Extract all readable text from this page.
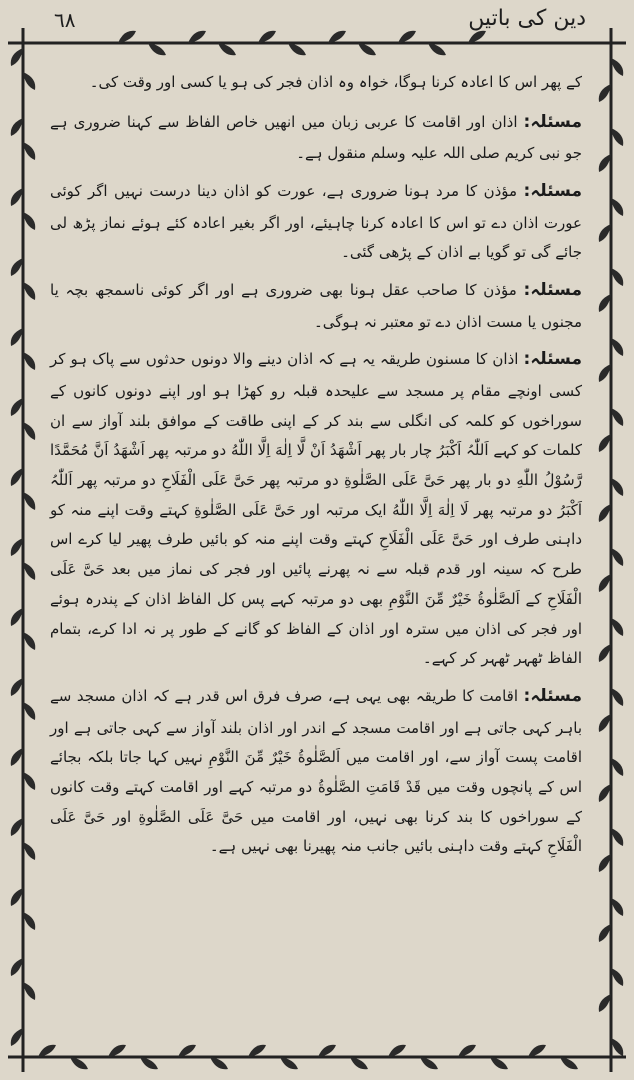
٦٨	دین کی باتیں

کے پھر اس کا اعادہ کرنا ہوگا، خواہ وہ اذان فجر کی ہو یا کسی اور وقت کی۔

مسئلہ: اذان اور اقامت کا عربی زبان میں انھیں خاص الفاظ سے کہنا ضروری ہے جو نبی کریم صلی اللہ علیہ وسلم منقول ہے۔

مسئلہ: مؤذن کا مرد ہونا ضروری ہے، عورت کو اذان دینا درست نہیں اگر کوئی عورت اذان دے تو اس کا اعادہ کرنا چاہیئے، اور اگر بغیر اعادہ کئے ہوئے نماز پڑھ لی جائے گی تو گویا بے اذان کے پڑھی گئی۔

مسئلہ: مؤذن کا صاحب عقل ہونا بھی ضروری ہے اور اگر کوئی ناسمجھ بچہ یا مجنوں یا مست اذان دے تو معتبر نہ ہوگی۔

مسئلہ: اذان کا مسنون طریقہ یہ ہے کہ اذان دینے والا دونوں حدثوں سے پاک ہو کر کسی اونچے مقام پر مسجد سے علیحدہ قبلہ رو کھڑا ہو اور اپنے دونوں کانوں کے سوراخوں کو کلمہ کی انگلی سے بند کر کے اپنی طاقت کے موافق بلند آواز سے ان کلمات کو کہے اَللّٰہُ اَکْبَرُ چار بار پھر اَشْهَدُ اَنْ لَّا اِلٰهَ اِلَّا اللّٰهُ دو مرتبہ پھر اَشْهَدُ اَنَّ مُحَمَّدًا رَّسُوْلُ اللّٰهِ دو بار پھر حَیَّ عَلَی الصَّلٰوةِ دو مرتبہ پھر حَیَّ عَلَی الْفَلَاحِ دو مرتبہ پھر اَللّٰہُ اَکْبَرُ دو مرتبہ پھر لَا اِلٰهَ اِلَّا اللّٰهُ ایک مرتبہ اور حَیَّ عَلَی الصَّلٰوةِ کہتے وقت اپنے منہ کو داہنی طرف اور حَیَّ عَلَی الْفَلَاحِ کہتے وقت اپنے منہ کو بائیں طرف پھیر لیا کرے اس طرح کہ سینہ اور قدم قبلہ سے نہ پھرنے پائیں اور فجر کی نماز میں بعد حَیَّ عَلَی الْفَلَاحِ کے اَلصَّلٰوةُ خَیْرٌ مِّنَ النَّوْمِ بھی دو مرتبہ کہے پس کل الفاظ اذان کے پندرہ ہوئے اور فجر کی اذان میں سترہ اور اذان کے الفاظ کو گانے کے طور پر نہ ادا کرے، بتمام الفاظ ٹھہر ٹھہر کر کہے۔

مسئلہ: اقامت کا طریقہ بھی یہی ہے، صرف فرق اس قدر ہے کہ اذان مسجد سے باہر کہی جاتی ہے اور اقامت مسجد کے اندر اور اذان بلند آواز سے کہی جاتی ہے اور اقامت پست آواز سے، اور اقامت میں اَلصَّلٰوةُ خَیْرٌ مِّنَ النَّوْمِ نہیں کہا جاتا بلکہ بجائے اس کے پانچوں وقت میں قَدْ قَامَتِ الصَّلٰوةُ دو مرتبہ کہے اور اقامت کہتے وقت کانوں کے سوراخوں کا بند کرنا بھی نہیں، اور اقامت میں حَیَّ عَلَی الصَّلٰوةِ اور حَیَّ عَلَی الْفَلَاحِ کہتے وقت داہنی بائیں جانب منہ پھیرنا بھی نہیں ہے۔
